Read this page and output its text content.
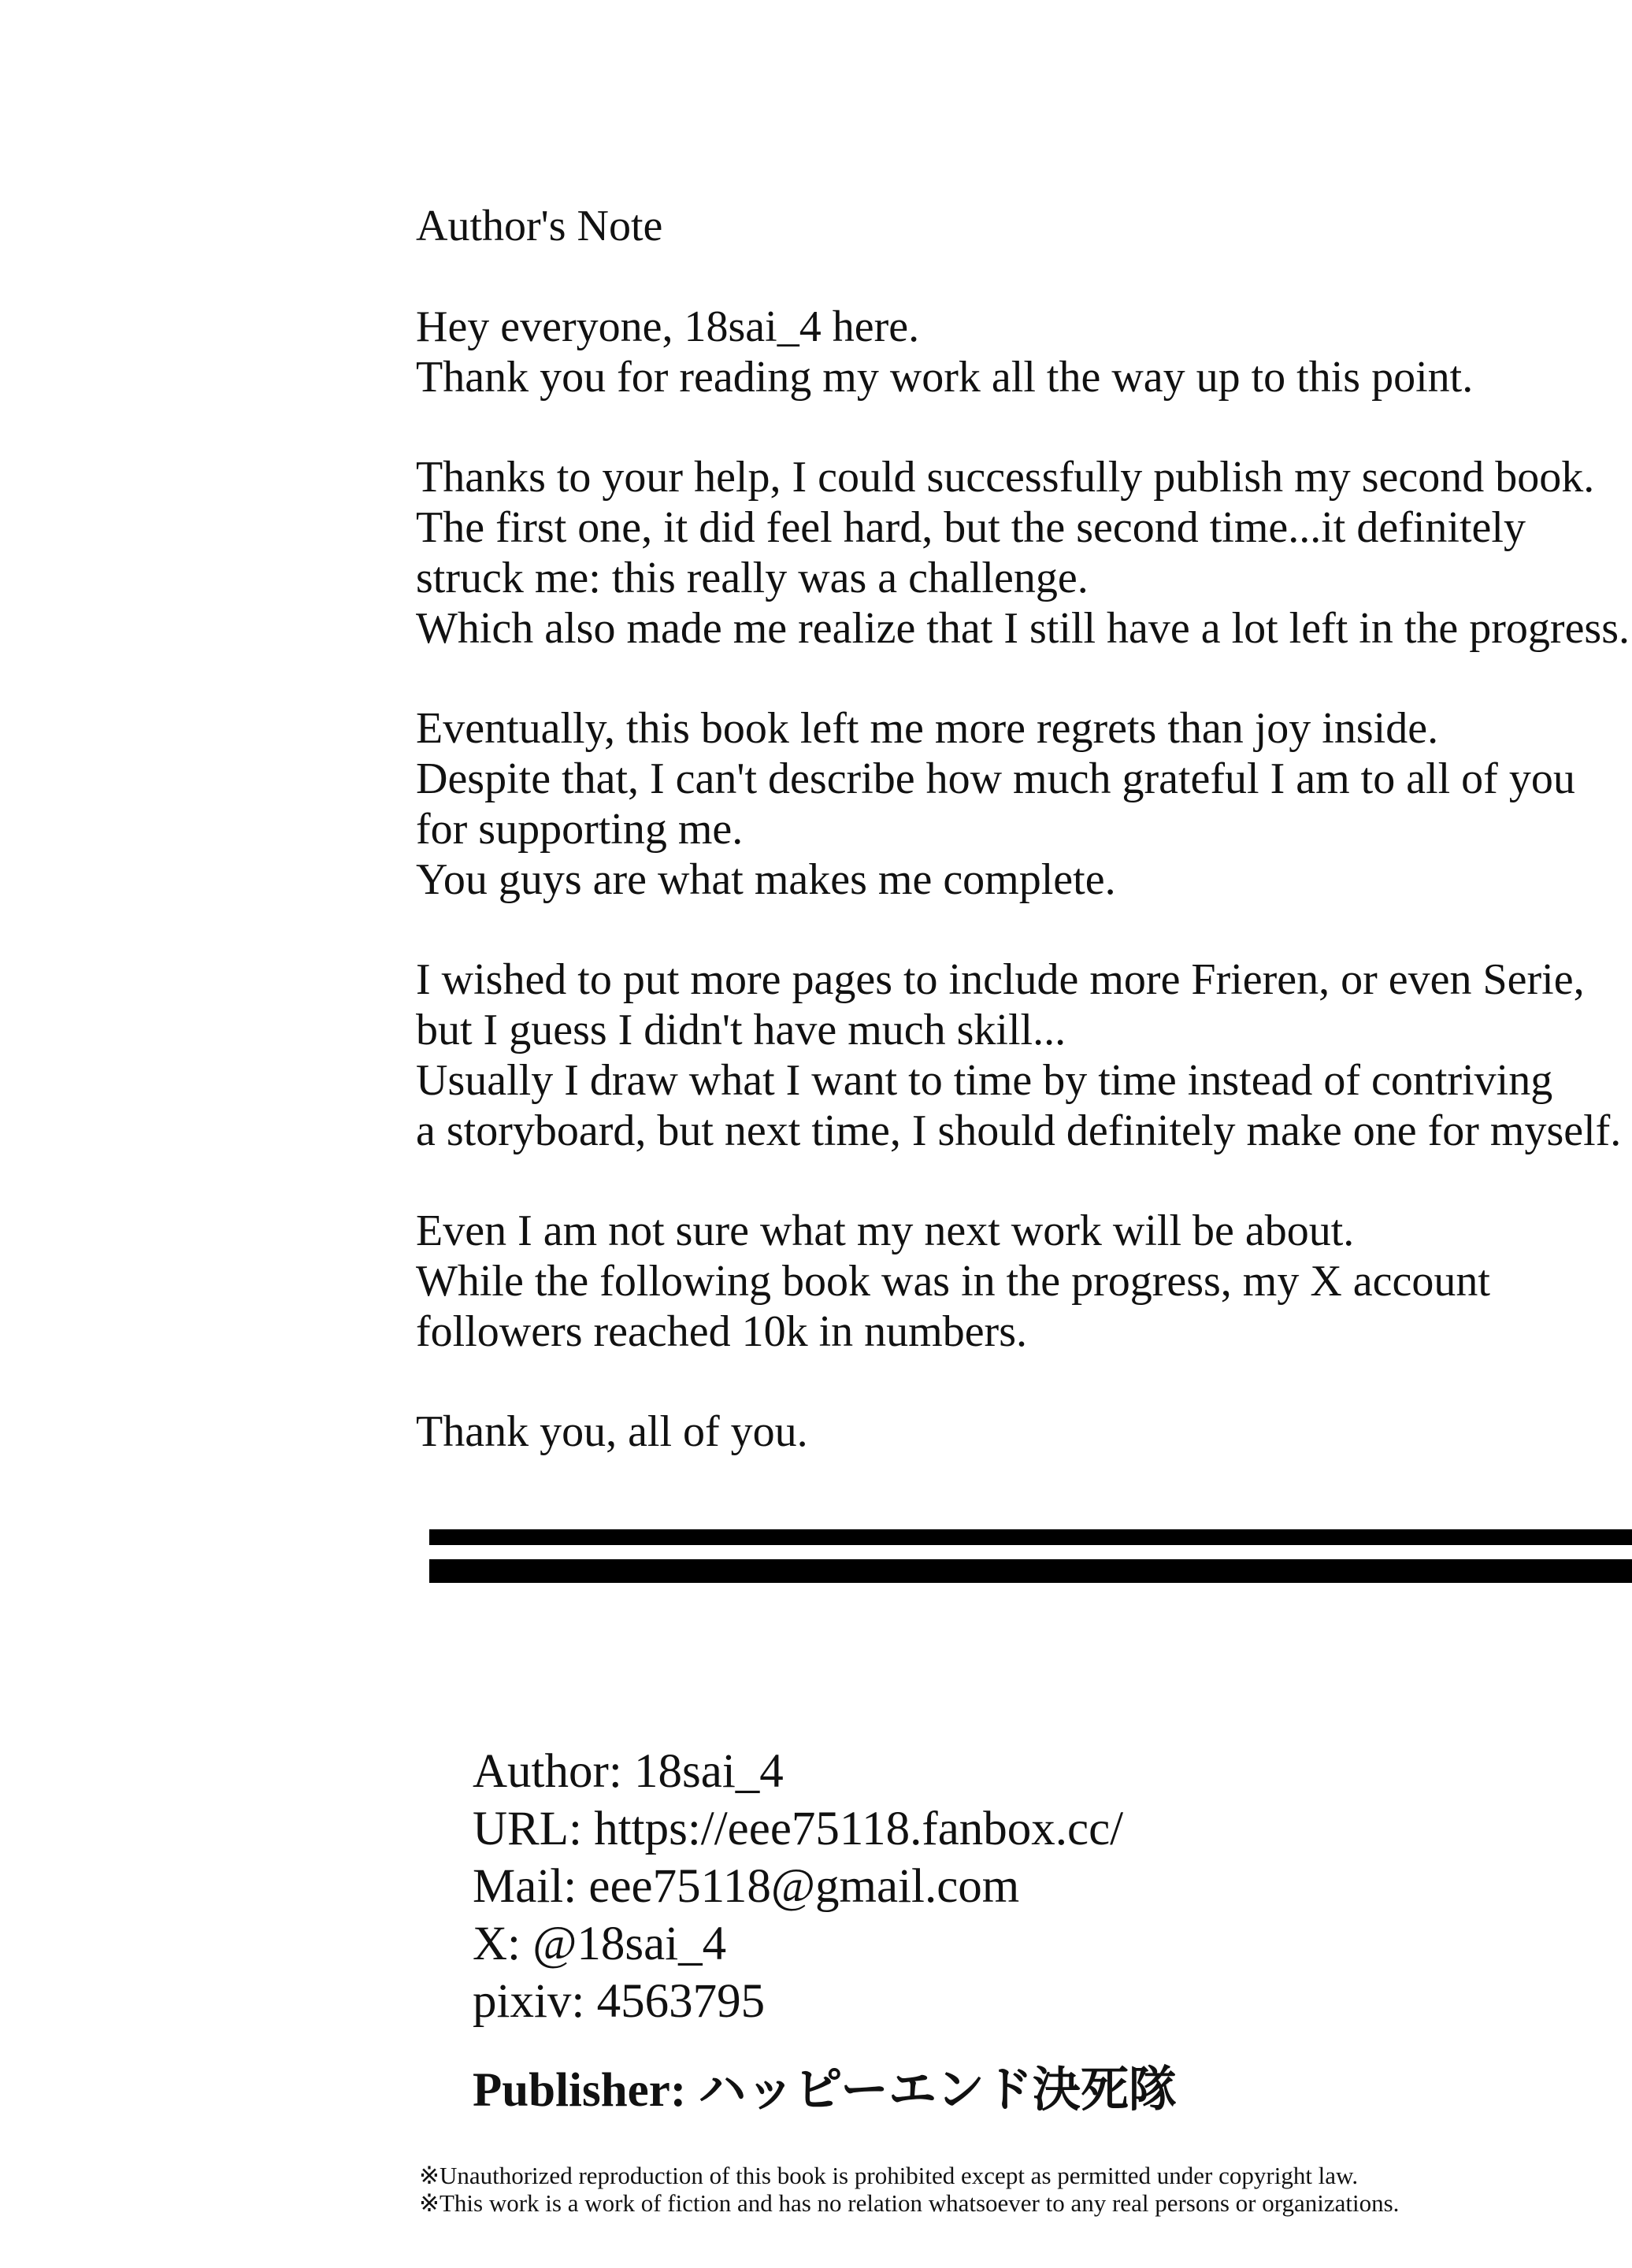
Author's Note
Hey everyone, 18sai_4 here.
Thank you for reading my work all the way up to this point.
Thanks to your help, I could successfully publish my second book.
The first one, it did feel hard, but the second time...it definitely
struck me: this really was a challenge.
Which also made me realize that I still have a lot left in the progress.
Eventually, this book left me more regrets than joy inside.
Despite that, I can't describe how much grateful I am to all of you
for supporting me.
You guys are what makes me complete.
I wished to put more pages to include more Frieren, or even Serie,
but I guess I didn't have much skill...
Usually I draw what I want to time by time instead of contriving
a storyboard, but next time, I should definitely make one for myself.
Even I am not sure what my next work will be about.
While the following book was in the progress, my X account
followers reached 10k in numbers.
Thank you, all of you.
Author: 18sai_4
URL: https://eee75118.fanbox.cc/
Mail: eee75118@gmail.com
X: @18sai_4
pixiv: 4563795
Publisher: ハッピーエンド決死隊
※Unauthorized reproduction of this book is prohibited except as permitted under copyright law.
※This work is a work of fiction and has no relation whatsoever to any real persons or organizations.
